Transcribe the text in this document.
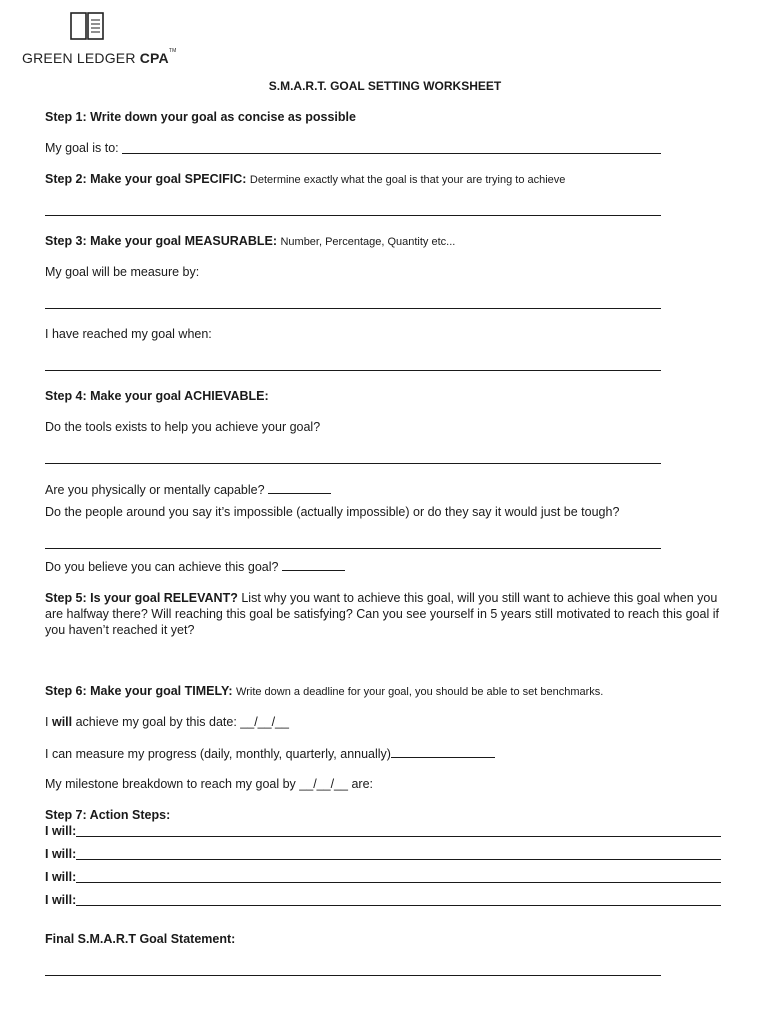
GREEN LEDGER CPA™
S.M.A.R.T. GOAL SETTING WORKSHEET
Step 1: Write down your goal as concise as possible
My goal is to:
Step 2: Make your goal SPECIFIC: Determine exactly what the goal is that your are trying to achieve
Step 3: Make your goal MEASURABLE: Number, Percentage, Quantity etc...
My goal will be measure by:
I have reached my goal when:
Step 4: Make your goal ACHIEVABLE:
Do the tools exists to help you achieve your goal?
Are you physically or mentally capable?
Do the people around you say it’s impossible (actually impossible) or do they say it would just be tough?
Do you believe you can achieve this goal?
Step 5: Is your goal RELEVANT? List why you want to achieve this goal, will you still want to achieve this goal when you are halfway there? Will reaching this goal be satisfying? Can you see yourself in 5 years still motivated to reach this goal if you haven’t reached it yet?
Step 6: Make your goal TIMELY: Write down a deadline for your goal, you should be able to set benchmarks.
I will achieve my goal by this date: __/__/__
I can measure my progress (daily, monthly, quarterly, annually)
My milestone breakdown to reach my goal by __/__/__ are:
Step 7: Action Steps:
I will:
I will:
I will:
I will:
Final S.M.A.R.T Goal Statement:
